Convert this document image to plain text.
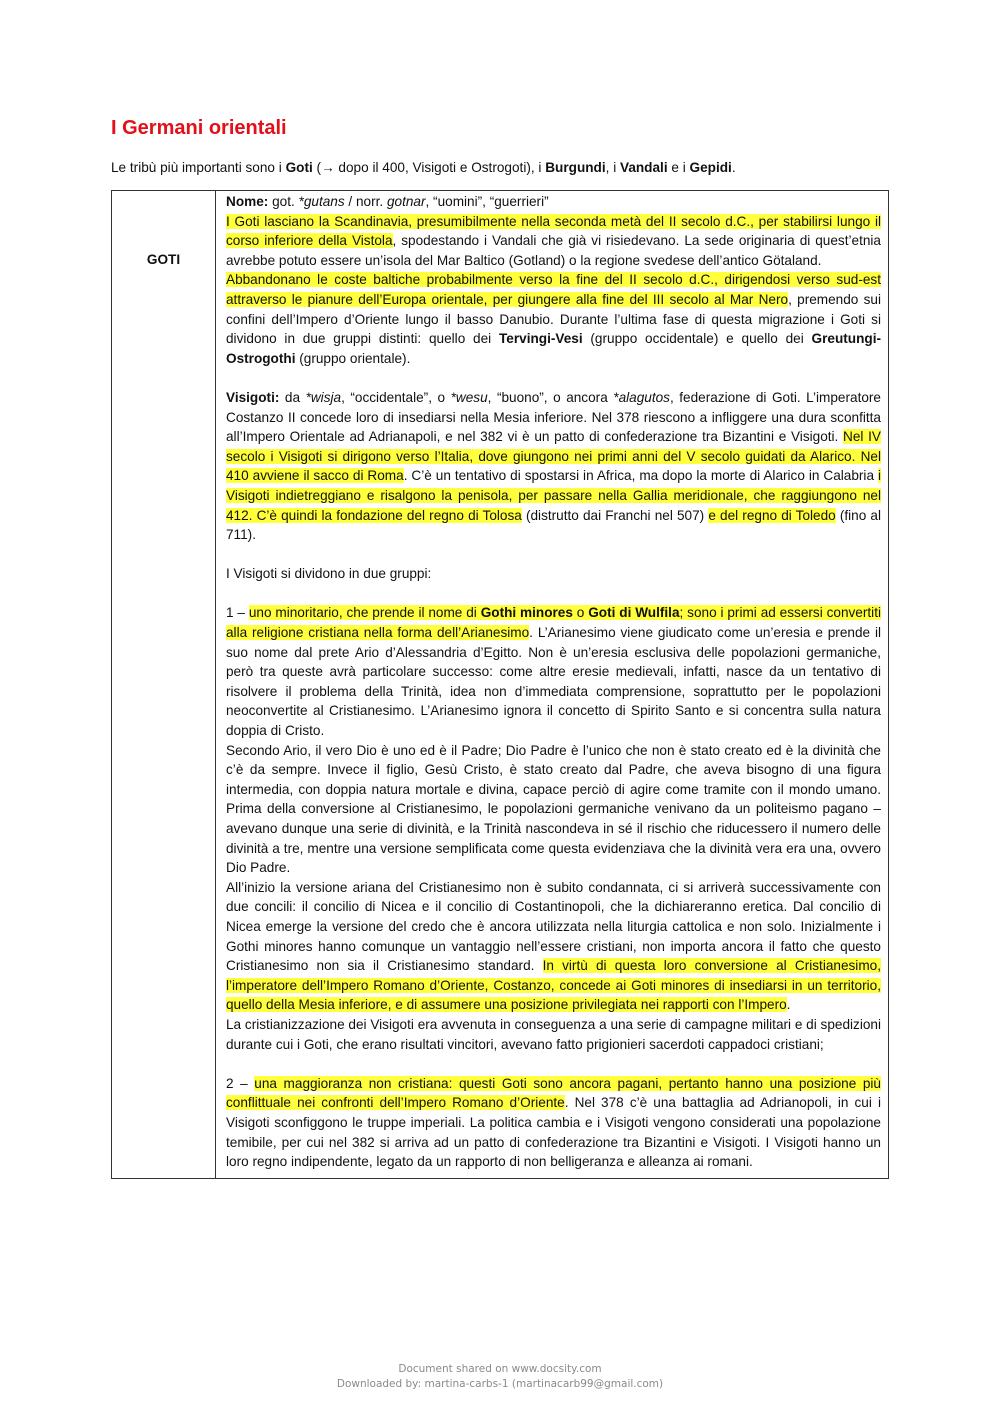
I Germani orientali

Le tribù più importanti sono i Goti (→ dopo il 400, Visigoti e Ostrogoti), i Burgundi, i Vandali e i Gepidi.

GOTI

Nome: got. *gutans / norr. gotnar, “uomini”, “guerrieri”

I Goti lasciano la Scandinavia, presumibilmente nella seconda metà del II secolo d.C., per stabilirsi lungo il corso inferiore della Vistola, spodestando i Vandali che già vi risiedevano. La sede originaria di quest’etnia avrebbe potuto essere un’isola del Mar Baltico (Gotland) o la regione svedese dell’antico Götaland.

Abbandonano le coste baltiche probabilmente verso la fine del II secolo d.C., dirigendosi verso sud-est attraverso le pianure dell’Europa orientale, per giungere alla fine del III secolo al Mar Nero, premendo sui confini dell’Impero d’Oriente lungo il basso Danubio. Durante l’ultima fase di questa migrazione i Goti si dividono in due gruppi distinti: quello dei Tervingi-Vesi (gruppo occidentale) e quello dei Greutungi-Ostrogothi (gruppo orientale).

Visigoti: da *wisja, “occidentale”, o *wesu, “buono”, o ancora *alagutos, federazione di Goti. L’imperatore Costanzo II concede loro di insediarsi nella Mesia inferiore. Nel 378 riescono a infliggere una dura sconfitta all’Impero Orientale ad Adrianapoli, e nel 382 vi è un patto di confederazione tra Bizantini e Visigoti. Nel IV secolo i Visigoti si dirigono verso l’Italia, dove giungono nei primi anni del V secolo guidati da Alarico. Nel 410 avviene il sacco di Roma. C’è un tentativo di spostarsi in Africa, ma dopo la morte di Alarico in Calabria i Visigoti indietreggiano e risalgono la penisola, per passare nella Gallia meridionale, che raggiungono nel 412. C’è quindi la fondazione del regno di Tolosa (distrutto dai Franchi nel 507) e del regno di Toledo (fino al 711).

I Visigoti si dividono in due gruppi:

1 – uno minoritario, che prende il nome di Gothi minores o Goti di Wulfila; sono i primi ad essersi convertiti alla religione cristiana nella forma dell’Arianesimo. L’Arianesimo viene giudicato come un’eresia e prende il suo nome dal prete Ario d’Alessandria d’Egitto. Non è un’eresia esclusiva delle popolazioni germaniche, però tra queste avrà particolare successo: come altre eresie medievali, infatti, nasce da un tentativo di risolvere il problema della Trinità, idea non d’immediata comprensione, soprattutto per le popolazioni neoconvertite al Cristianesimo. L’Arianesimo ignora il concetto di Spirito Santo e si concentra sulla natura doppia di Cristo.

Secondo Ario, il vero Dio è uno ed è il Padre; Dio Padre è l’unico che non è stato creato ed è la divinità che c’è da sempre. Invece il figlio, Gesù Cristo, è stato creato dal Padre, che aveva bisogno di una figura intermedia, con doppia natura mortale e divina, capace perciò di agire come tramite con il mondo umano. Prima della conversione al Cristianesimo, le popolazioni germaniche venivano da un politeismo pagano – avevano dunque una serie di divinità, e la Trinità nascondeva in sé il rischio che riducessero il numero delle divinità a tre, mentre una versione semplificata come questa evidenziava che la divinità vera era una, ovvero Dio Padre.

All’inizio la versione ariana del Cristianesimo non è subito condannata, ci si arriverà successivamente con due concili: il concilio di Nicea e il concilio di Costantinopoli, che la dichiareranno eretica. Dal concilio di Nicea emerge la versione del credo che è ancora utilizzata nella liturgia cattolica e non solo. Inizialmente i Gothi minores hanno comunque un vantaggio nell’essere cristiani, non importa ancora il fatto che questo Cristianesimo non sia il Cristianesimo standard. In virtù di questa loro conversione al Cristianesimo, l’imperatore dell’Impero Romano d’Oriente, Costanzo, concede ai Goti minores di insediarsi in un territorio, quello della Mesia inferiore, e di assumere una posizione privilegiata nei rapporti con l’Impero.

La cristianizzazione dei Visigoti era avvenuta in conseguenza a una serie di campagne militari e di spedizioni durante cui i Goti, che erano risultati vincitori, avevano fatto prigionieri sacerdoti cappadoci cristiani;

2 – una maggioranza non cristiana: questi Goti sono ancora pagani, pertanto hanno una posizione più conflittuale nei confronti dell’Impero Romano d’Oriente. Nel 378 c’è una battaglia ad Adrianopoli, in cui i Visigoti sconfiggono le truppe imperiali. La politica cambia e i Visigoti vengono considerati una popolazione temibile, per cui nel 382 si arriva ad un patto di confederazione tra Bizantini e Visigoti. I Visigoti hanno un loro regno indipendente, legato da un rapporto di non belligeranza e alleanza ai romani.

Document shared on www.docsity.com
Downloaded by: martina-carbs-1 (martinacarb99@gmail.com)
